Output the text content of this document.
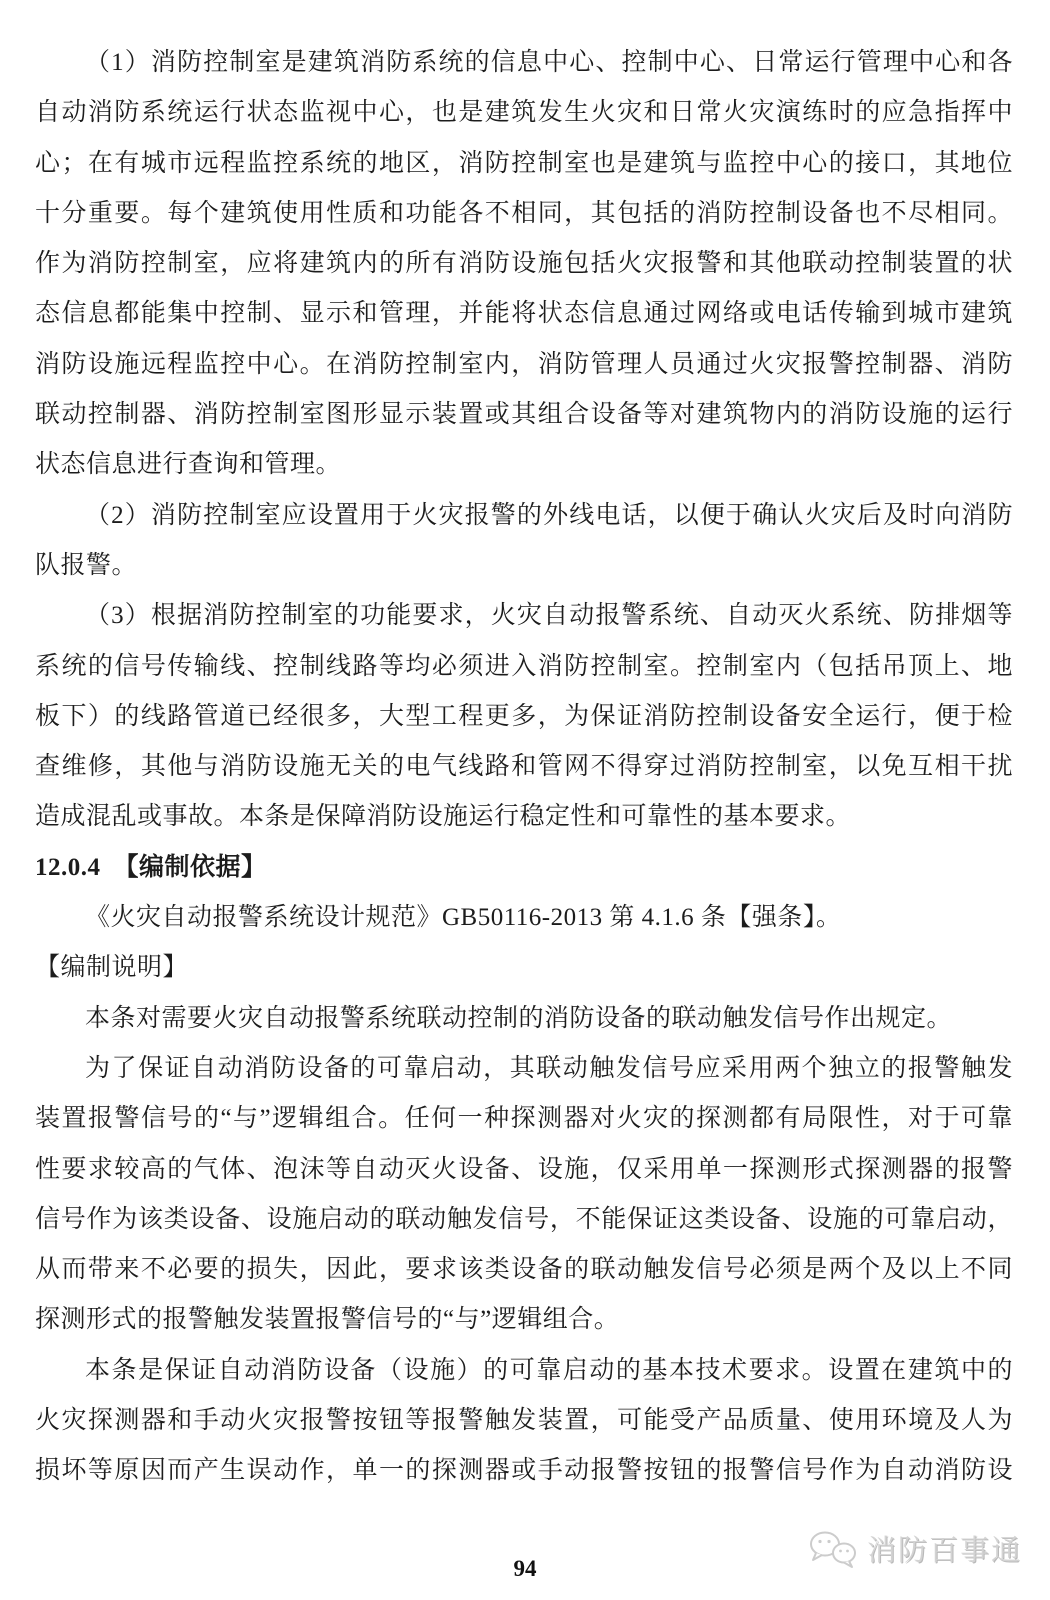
（1）消防控制室是建筑消防系统的信息中心、控制中心、日常运行管理中心和各
自动消防系统运行状态监视中心，也是建筑发生火灾和日常火灾演练时的应急指挥中
心；在有城市远程监控系统的地区，消防控制室也是建筑与监控中心的接口，其地位
十分重要。每个建筑使用性质和功能各不相同，其包括的消防控制设备也不尽相同。
作为消防控制室，应将建筑内的所有消防设施包括火灾报警和其他联动控制装置的状
态信息都能集中控制、显示和管理，并能将状态信息通过网络或电话传输到城市建筑
消防设施远程监控中心。在消防控制室内，消防管理人员通过火灾报警控制器、消防
联动控制器、消防控制室图形显示装置或其组合设备等对建筑物内的消防设施的运行
状态信息进行查询和管理。
（2）消防控制室应设置用于火灾报警的外线电话，以便于确认火灾后及时向消防
队报警。
（3）根据消防控制室的功能要求，火灾自动报警系统、自动灭火系统、防排烟等
系统的信号传输线、控制线路等均必须进入消防控制室。控制室内（包括吊顶上、地
板下）的线路管道已经很多，大型工程更多，为保证消防控制设备安全运行，便于检
查维修，其他与消防设施无关的电气线路和管网不得穿过消防控制室，以免互相干扰
造成混乱或事故。本条是保障消防设施运行稳定性和可靠性的基本要求。
12.0.4　【编制依据】
《火灾自动报警系统设计规范》GB50116-2013 第 4.1.6 条【强条】。
【编制说明】
本条对需要火灾自动报警系统联动控制的消防设备的联动触发信号作出规定。
为了保证自动消防设备的可靠启动，其联动触发信号应采用两个独立的报警触发
装置报警信号的“与”逻辑组合。任何一种探测器对火灾的探测都有局限性，对于可靠
性要求较高的气体、泡沫等自动灭火设备、设施，仅采用单一探测形式探测器的报警
信号作为该类设备、设施启动的联动触发信号，不能保证这类设备、设施的可靠启动，
从而带来不必要的损失，因此，要求该类设备的联动触发信号必须是两个及以上不同
探测形式的报警触发装置报警信号的“与”逻辑组合。
本条是保证自动消防设备（设施）的可靠启动的基本技术要求。设置在建筑中的
火灾探测器和手动火灾报警按钮等报警触发装置，可能受产品质量、使用环境及人为
损坏等原因而产生误动作，单一的探测器或手动报警按钮的报警信号作为自动消防设
消防百事通
94
